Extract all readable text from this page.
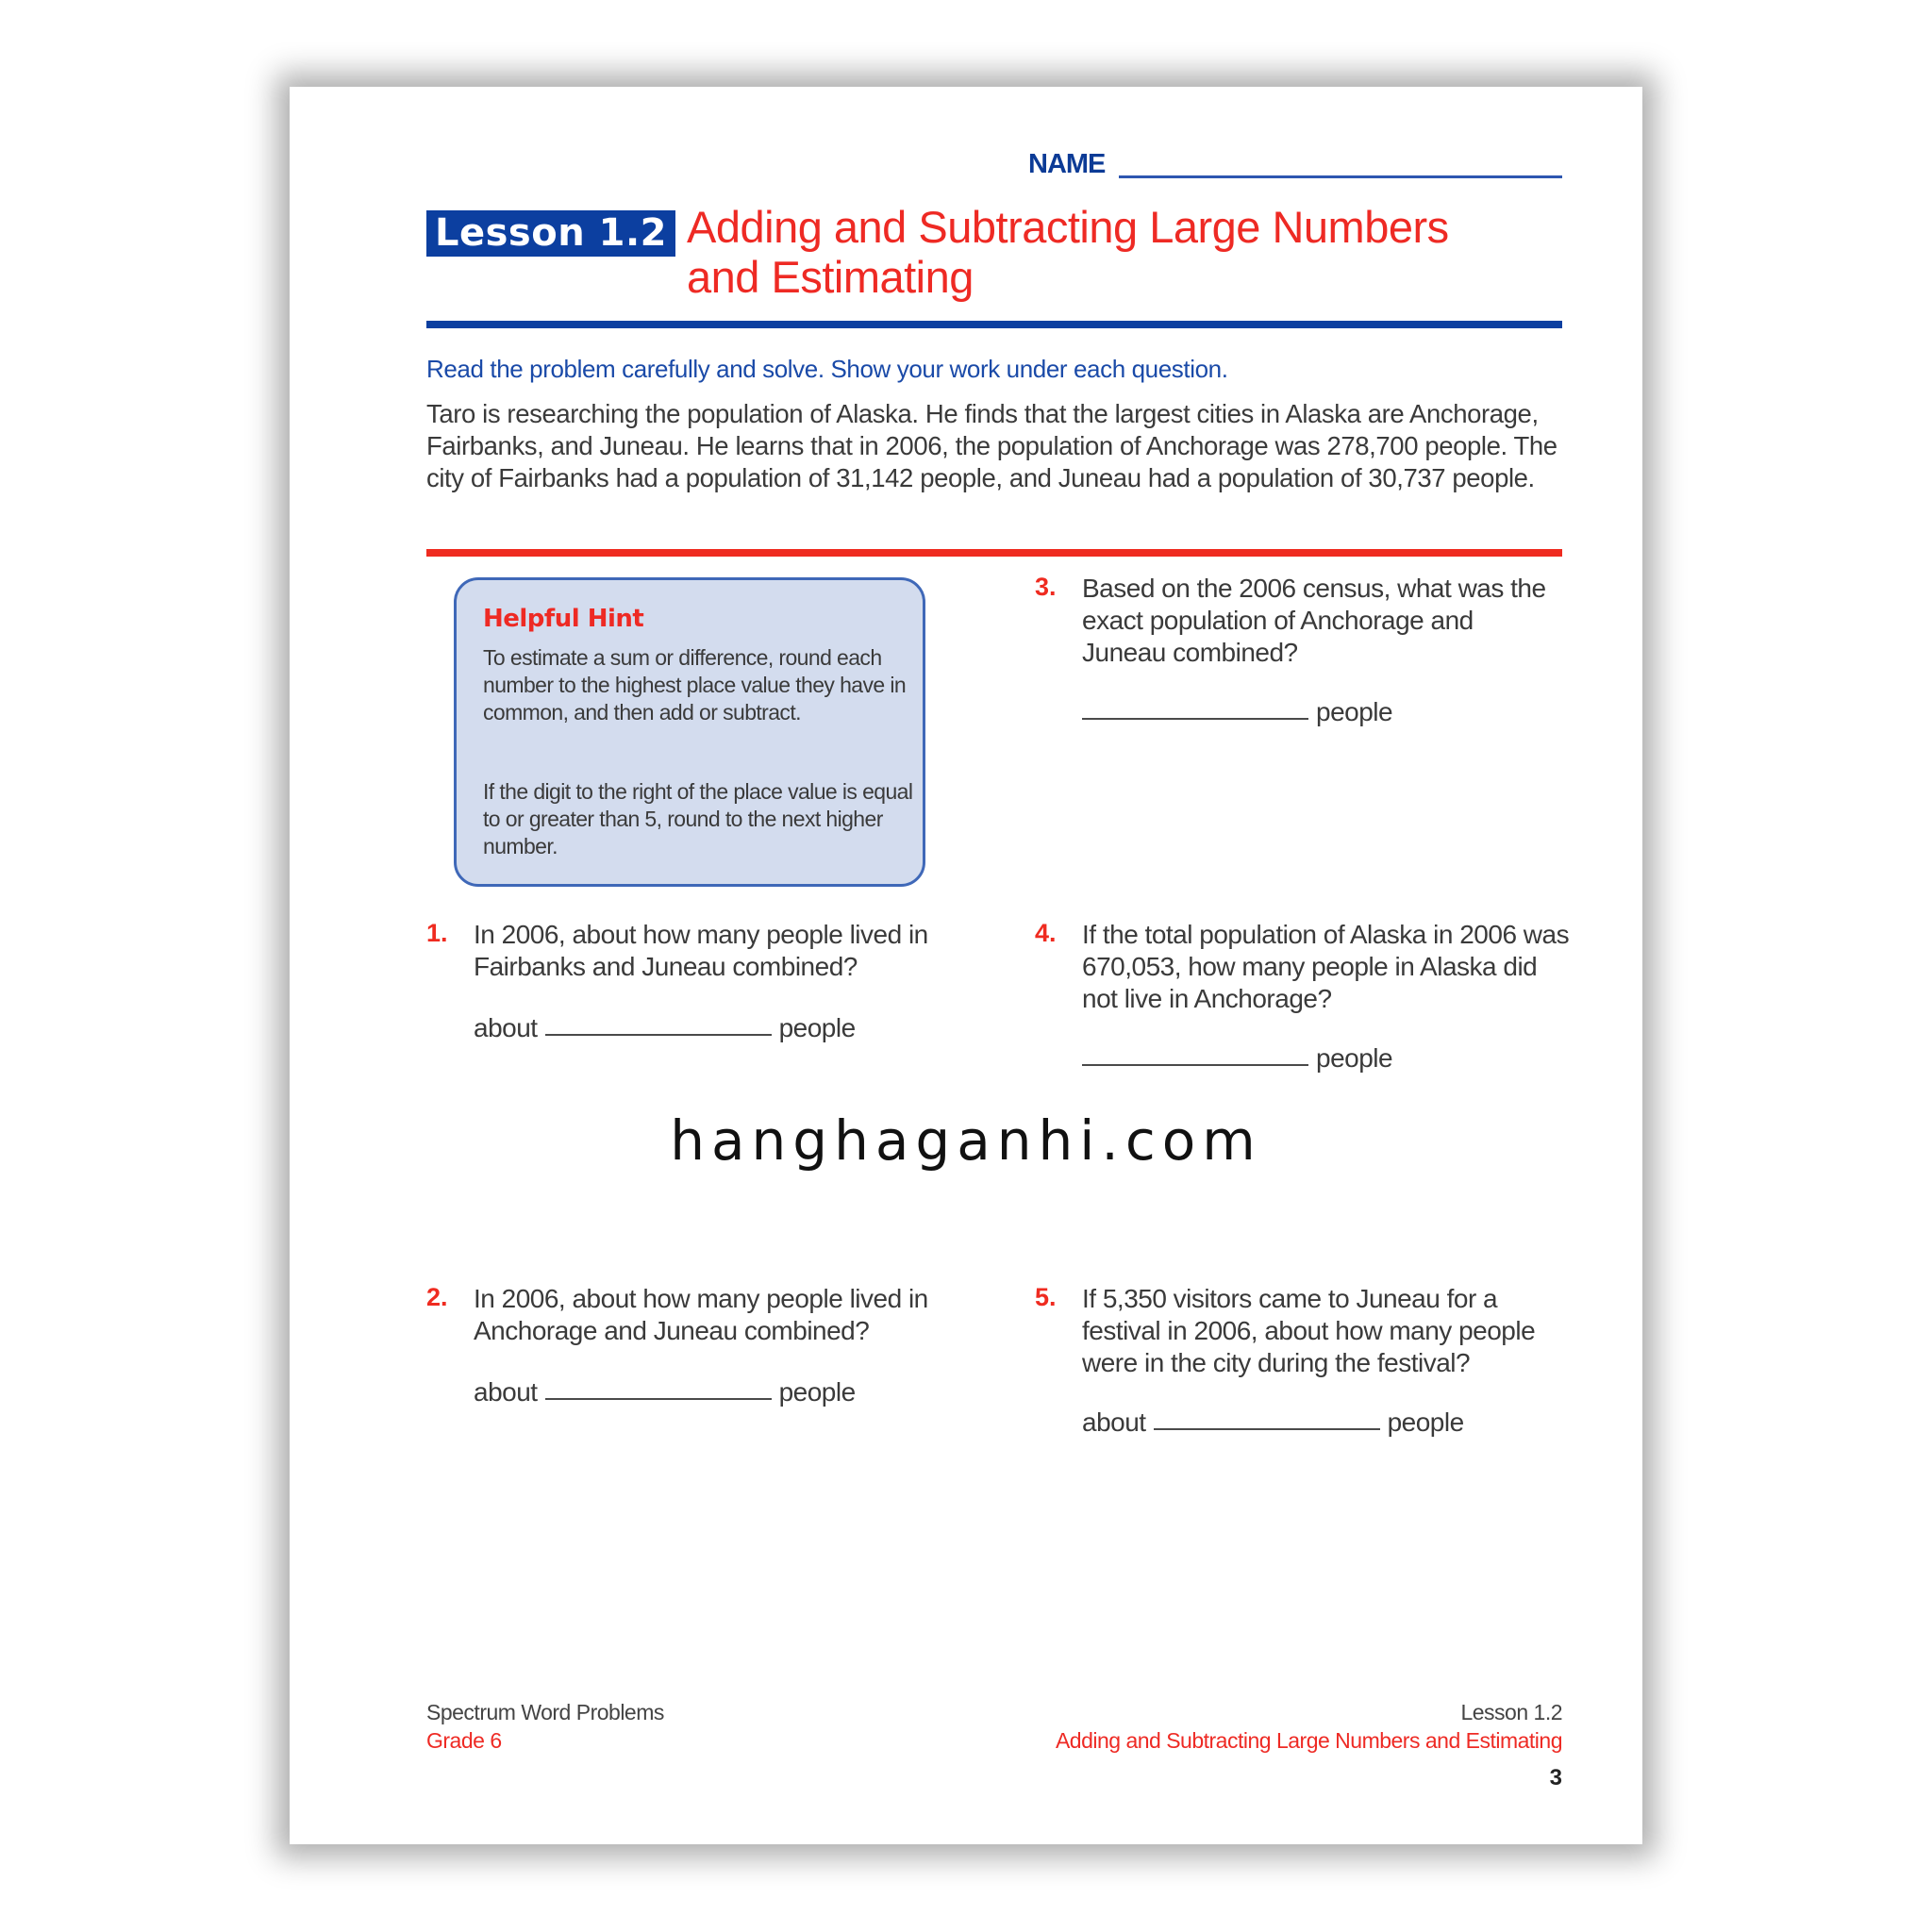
NAME
Lesson 1.2 Adding and Subtracting Large Numbers
and Estimating
Read the problem carefully and solve. Show your work under each question.
Taro is researching the population of Alaska. He finds that the largest cities in Alaska are Anchorage, Fairbanks, and Juneau. He learns that in 2006, the population of Anchorage was 278,700 people. The city of Fairbanks had a population of 31,142 people, and Juneau had a population of 30,737 people.
Helpful Hint
To estimate a sum or difference, round each number to the highest place value they have in common, and then add or subtract.
If the digit to the right of the place value is equal to or greater than 5, round to the next higher number.
1. In 2006, about how many people lived in Fairbanks and Juneau combined?
about	people
2. In 2006, about how many people lived in Anchorage and Juneau combined?
about	people
3. Based on the 2006 census, what was the exact population of Anchorage and Juneau combined?
people
4. If the total population of Alaska in 2006 was 670,053, how many people in Alaska did not live in Anchorage?
people
5. If 5,350 visitors came to Juneau for a festival in 2006, about how many people were in the city during the festival?
about	people
hanghaganhi.com
Spectrum Word Problems
Grade 6
Lesson 1.2
Adding and Subtracting Large Numbers and Estimating
3
